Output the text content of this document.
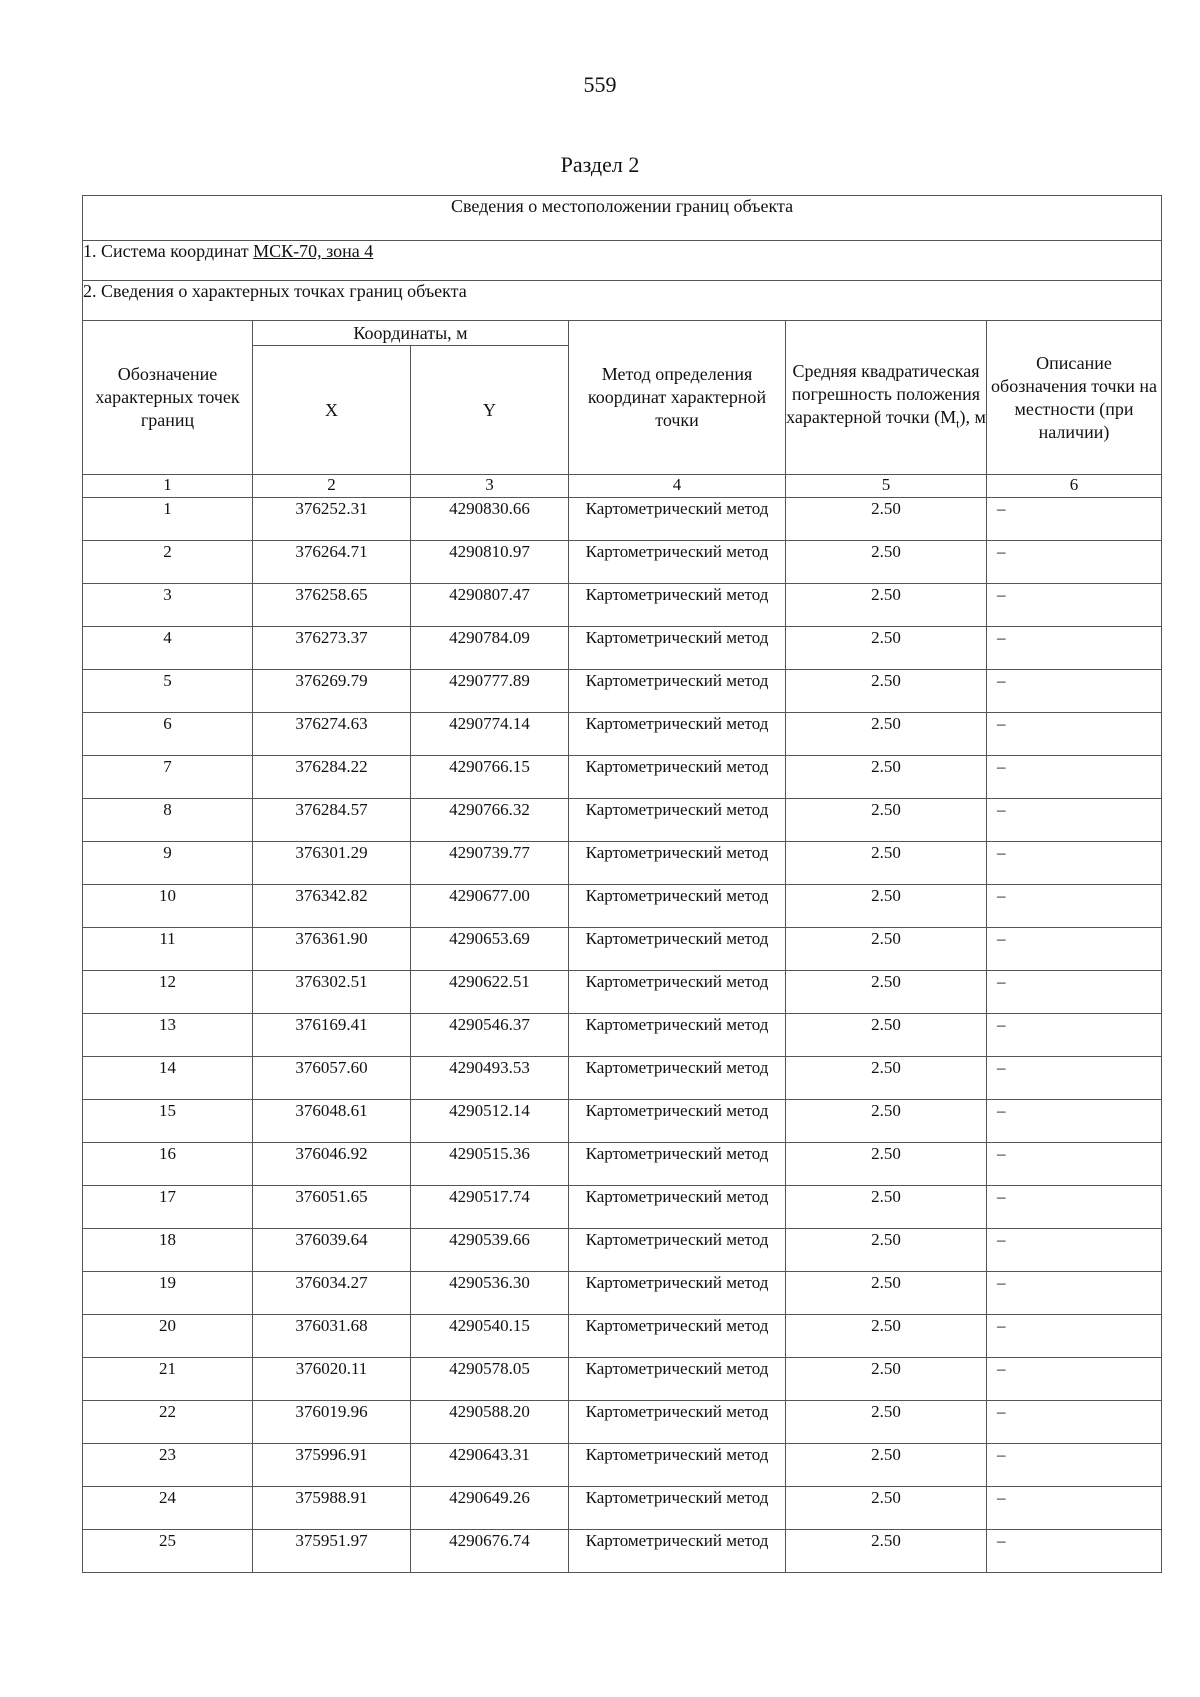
559
Раздел 2
Сведения о местоположении границ объекта					
1. Система координат МСК-70, зона 4					
2. Сведения о характерных точках границ объекта					
Обозначение характерных точек границ	Координаты, м		Метод определения координат характерной точки	Средняя квадратическая погрешность положения характерной точки $(M_t)$, м	Описание обозначения точки на местности (при наличии)
	X	Y			
1	2	3	4	5	6
1	376252.31	4290830.66	Картометрический метод	2.50	–
2	376264.71	4290810.97	Картометрический метод	2.50	–
3	376258.65	4290807.47	Картометрический метод	2.50	–
4	376273.37	4290784.09	Картометрический метод	2.50	–
5	376269.79	4290777.89	Картометрический метод	2.50	–
6	376274.63	4290774.14	Картометрический метод	2.50	–
7	376284.22	4290766.15	Картометрический метод	2.50	–
8	376284.57	4290766.32	Картометрический метод	2.50	–
9	376301.29	4290739.77	Картометрический метод	2.50	–
10	376342.82	4290677.00	Картометрический метод	2.50	–
11	376361.90	4290653.69	Картометрический метод	2.50	–
12	376302.51	4290622.51	Картометрический метод	2.50	–
13	376169.41	4290546.37	Картометрический метод	2.50	–
14	376057.60	4290493.53	Картометрический метод	2.50	–
15	376048.61	4290512.14	Картометрический метод	2.50	–
16	376046.92	4290515.36	Картометрический метод	2.50	–
17	376051.65	4290517.74	Картометрический метод	2.50	–
18	376039.64	4290539.66	Картометрический метод	2.50	–
19	376034.27	4290536.30	Картометрический метод	2.50	–
20	376031.68	4290540.15	Картометрический метод	2.50	–
21	376020.11	4290578.05	Картометрический метод	2.50	–
22	376019.96	4290588.20	Картометрический метод	2.50	–
23	375996.91	4290643.31	Картометрический метод	2.50	–
24	375988.91	4290649.26	Картометрический метод	2.50	–
25	375951.97	4290676.74	Картометрический метод	2.50	–
